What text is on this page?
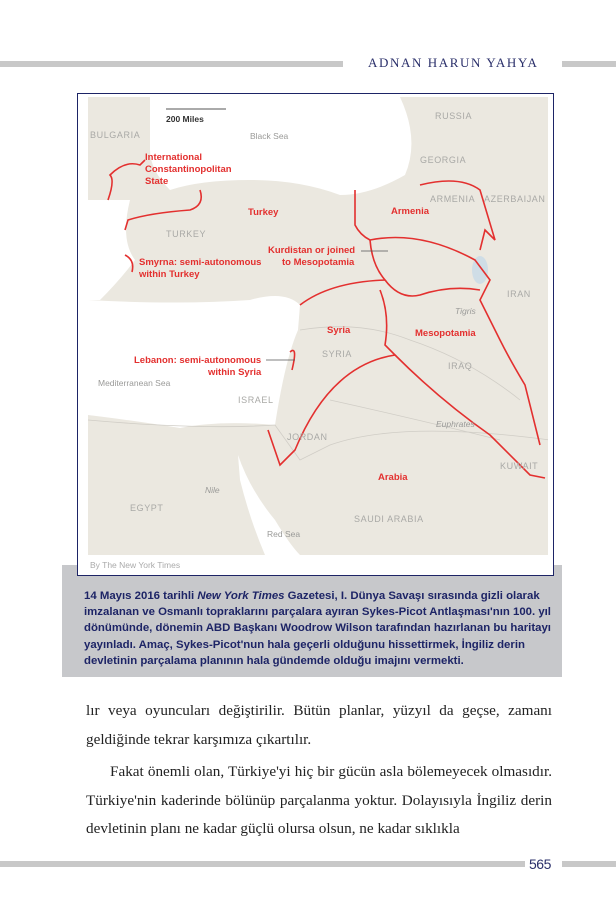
ADNAN HARUN YAHYA
200 Miles
BULGARIA	Black Sea
RUSSIA
GEORGIA
ARMENIA AZERBAIJAN
TURKEY
IRAN
Tigris
SYRIA
IRAQ
Mediterranean Sea
ISRAEL
Euphrates
JORDAN
KUWAIT
Nile
EGYPT
SAUDI ARABIA
Red Sea
International
Constantinopolitan
State
Turkey	Armenia
Kurdistan or joined
to Mesopotamia
Smyrna: semi-autonomous
within Turkey
Syria	Mesopotamia
Lebanon: semi-autonomous
within Syria
Arabia
By The New York Times
14 Mayıs 2016 tarihli New York Times Gazetesi, I. Dünya Savaşı sırasında gizli olarak imzalanan ve Osmanlı topraklarını parçalara ayıran Sykes-Picot Antlaşması'nın 100. yıl dönümünde, dönemin ABD Başkanı Woodrow Wilson tarafından hazırlanan bu haritayı yayınladı. Amaç, Sykes-Picot'nun hala geçerli olduğunu hissettirmek, İngiliz derin devletinin parçalama planının hala gündemde olduğu imajını vermekti.

lır veya oyuncuları değiştirilir. Bütün planlar, yüzyıl da geçse, zamanı geldiğinde tekrar karşımıza çıkartılır.

Fakat önemli olan, Türkiye'yi hiç bir gücün asla bölemeyecek olmasıdır. Türkiye'nin kaderinde bölünüp parçalanma yoktur. Dolayısıyla İngiliz derin devletinin planı ne kadar güçlü olursa olsun, ne kadar sıklıkla

565
